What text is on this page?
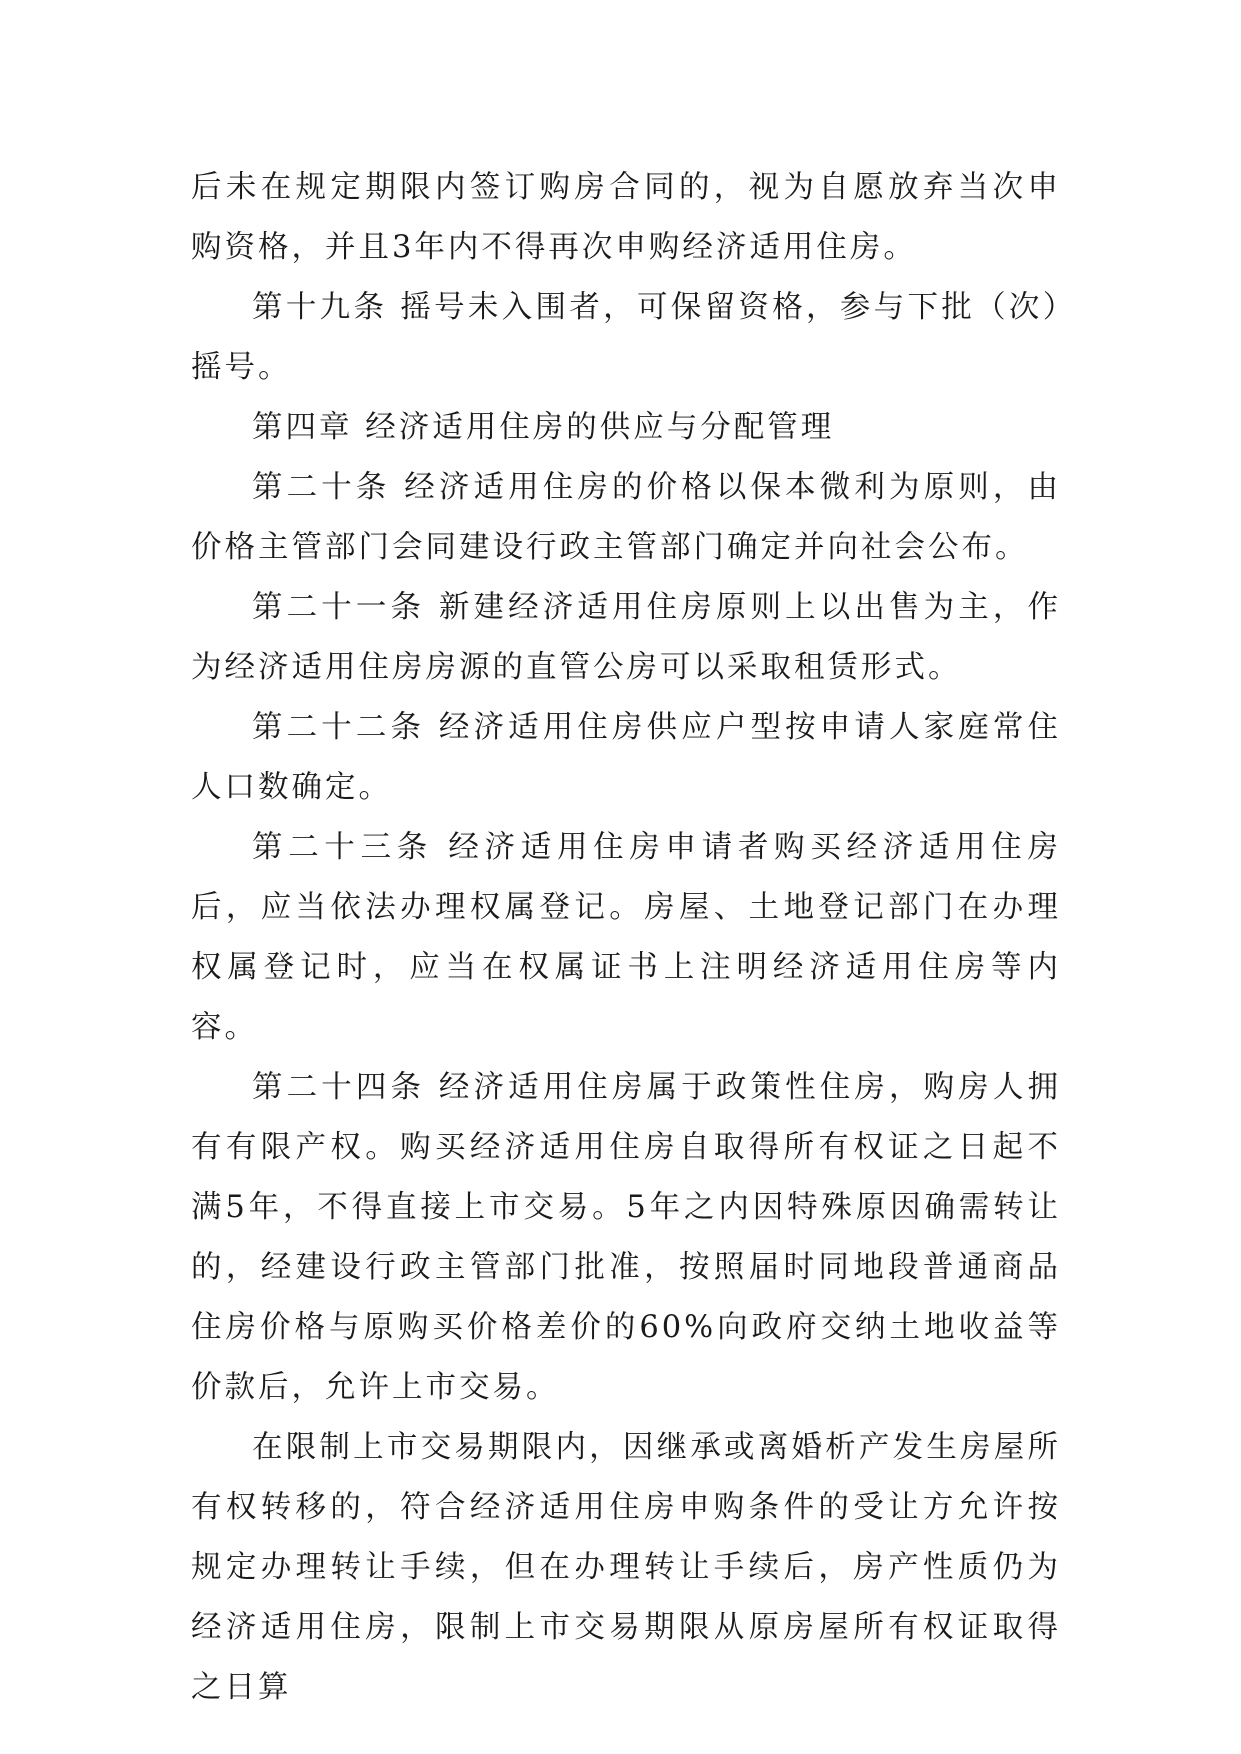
后未在规定期限内签订购房合同的，视为自愿放弃当次申购资格，并且3年内不得再次申购经济适用住房。

第十九条 摇号未入围者，可保留资格，参与下批（次）摇号。

第四章 经济适用住房的供应与分配管理

第二十条 经济适用住房的价格以保本微利为原则，由价格主管部门会同建设行政主管部门确定并向社会公布。

第二十一条 新建经济适用住房原则上以出售为主，作为经济适用住房房源的直管公房可以采取租赁形式。

第二十二条 经济适用住房供应户型按申请人家庭常住人口数确定。

第二十三条 经济适用住房申请者购买经济适用住房后，应当依法办理权属登记。房屋、土地登记部门在办理权属登记时，应当在权属证书上注明经济适用住房等内容。

第二十四条 经济适用住房属于政策性住房，购房人拥有有限产权。购买经济适用住房自取得所有权证之日起不满5年，不得直接上市交易。5年之内因特殊原因确需转让的，经建设行政主管部门批准，按照届时同地段普通商品住房价格与原购买价格差价的60%向政府交纳土地收益等价款后，允许上市交易。

在限制上市交易期限内，因继承或离婚析产发生房屋所有权转移的，符合经济适用住房申购条件的受让方允许按规定办理转让手续，但在办理转让手续后，房产性质仍为经济适用住房，限制上市交易期限从原房屋所有权证取得之日算
